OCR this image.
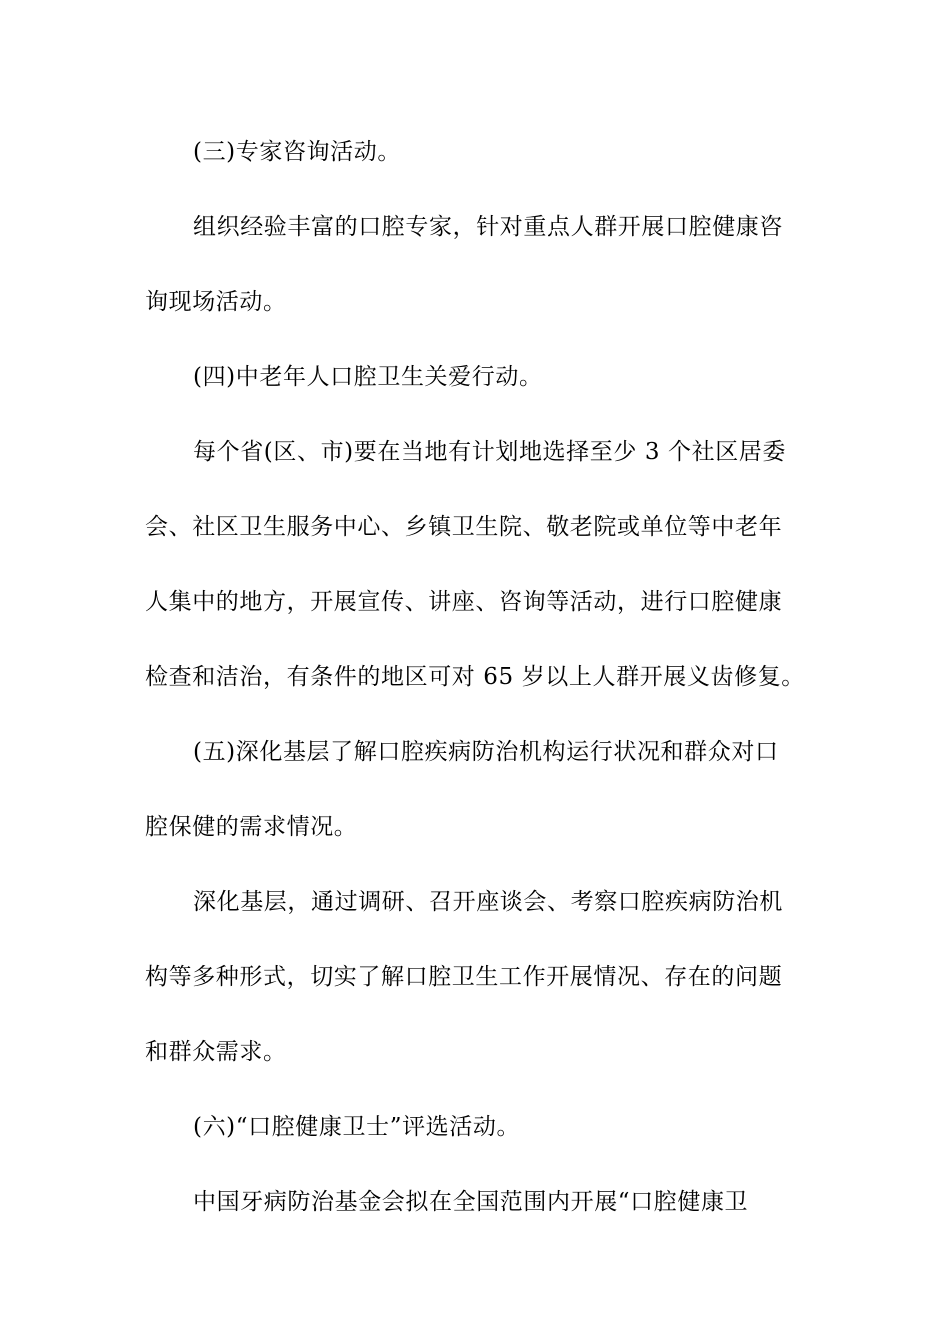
(三)专家咨询活动。
组织经验丰富的口腔专家，针对重点人群开展口腔健康咨
询现场活动。
(四)中老年人口腔卫生关爱行动。
每个省(区、市)要在当地有计划地选择至少 3 个社区居委
会、社区卫生服务中心、乡镇卫生院、敬老院或单位等中老年
人集中的地方，开展宣传、讲座、咨询等活动，进行口腔健康
检查和洁治，有条件的地区可对 65 岁以上人群开展义齿修复。
(五)深化基层了解口腔疾病防治机构运行状况和群众对口
腔保健的需求情况。
深化基层，通过调研、召开座谈会、考察口腔疾病防治机
构等多种形式，切实了解口腔卫生工作开展情况、存在的问题
和群众需求。
(六)“口腔健康卫士”评选活动。
中国牙病防治基金会拟在全国范围内开展“口腔健康卫
